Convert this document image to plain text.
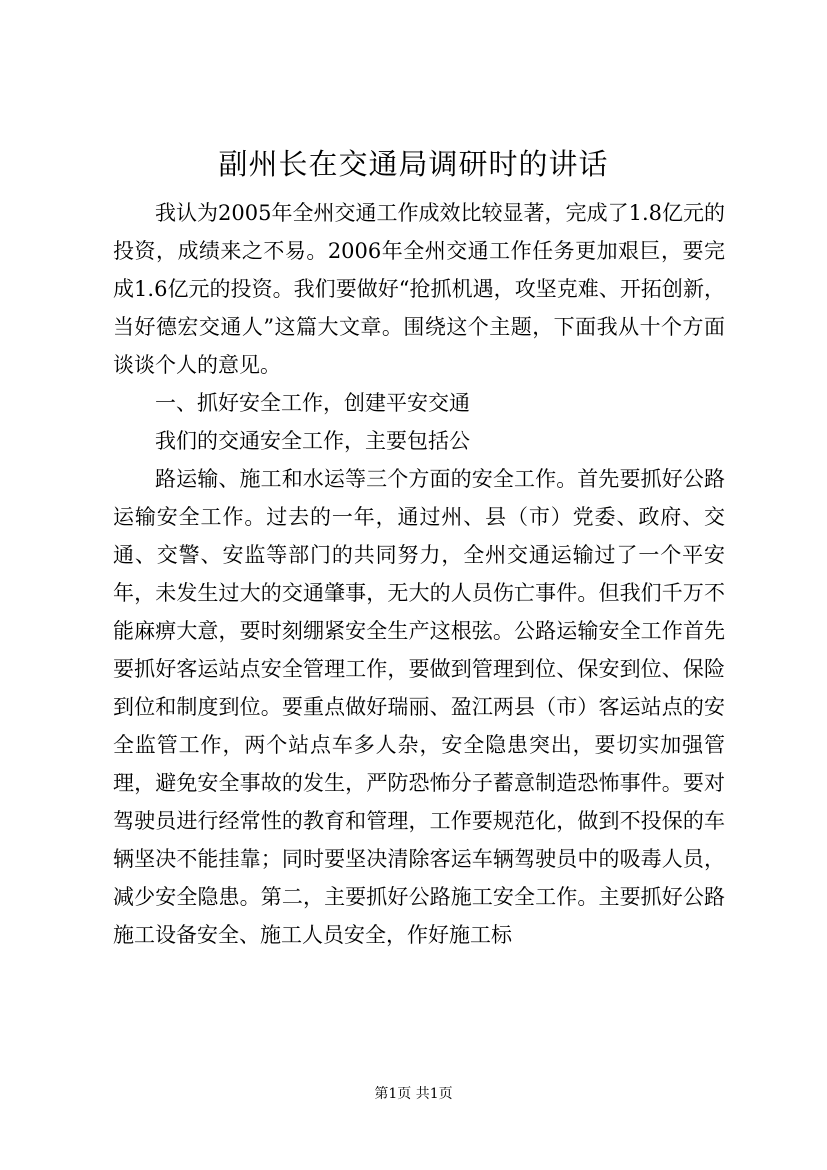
副州长在交通局调研时的讲话

我认为2005年全州交通工作成效比较显著，完成了1.8亿元的投资，成绩来之不易。2006年全州交通工作任务更加艰巨，要完成1.6亿元的投资。我们要做好“抢抓机遇，攻坚克难、开拓创新，当好德宏交通人”这篇大文章。围绕这个主题，下面我从十个方面谈谈个人的意见。

一、抓好安全工作，创建平安交通

我们的交通安全工作，主要包括公

路运输、施工和水运等三个方面的安全工作。首先要抓好公路运输安全工作。过去的一年，通过州、县（市）党委、政府、交通、交警、安监等部门的共同努力，全州交通运输过了一个平安年，未发生过大的交通肇事，无大的人员伤亡事件。但我们千万不能麻痹大意，要时刻绷紧安全生产这根弦。公路运输安全工作首先要抓好客运站点安全管理工作，要做到管理到位、保安到位、保险到位和制度到位。要重点做好瑞丽、盈江两县（市）客运站点的安全监管工作，两个站点车多人杂，安全隐患突出，要切实加强管理，避免安全事故的发生，严防恐怖分子蓄意制造恐怖事件。要对驾驶员进行经常性的教育和管理，工作要规范化，做到不投保的车辆坚决不能挂靠；同时要坚决清除客运车辆驾驶员中的吸毒人员，减少安全隐患。第二，主要抓好公路施工安全工作。主要抓好公路施工设备安全、施工人员安全，作好施工标

第1页 共1页
